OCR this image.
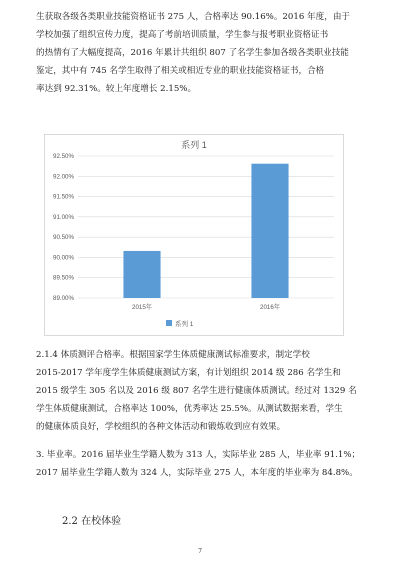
生获取各级各类职业技能资格证书 275 人，合格率达 90.16%。2016 年度，由于
学校加强了组织宣传力度，提高了考前培训质量，学生参与报考职业资格证书
的热情有了大幅度提高，2016 年累计共组织 807 了名学生参加各级各类职业技能
鉴定，其中有 745 名学生取得了相关或相近专业的职业技能资格证书，合格
率达到 92.31%。较上年度增长 2.15%。
系列 1
89.00%
89.50%
90.00%
90.50%
91.00%
91.50%
92.00%
92.50%
2015年	2016年
系列 1
2.1.4 体质测评合格率。根据国家学生体质健康测试标准要求，制定学校
2015-2017 学年度学生体质健康测试方案，有计划组织 2014 级 286 名学生和
2015 级学生 305 名以及 2016 级 807 名学生进行健康体质测试。经过对 1329 名
学生体质健康测试，合格率达 100%，优秀率达 25.5%。从测试数据来看，学生
的健康体质良好，学校组织的各种文体活动和锻炼收到应有效果。
3. 毕业率。2016 届毕业生学籍人数为 313 人，实际毕业 285 人，毕业率 91.1%；
2017 届毕业生学籍人数为 324 人，实际毕业 275 人，本年度的毕业率为 84.8%。
2.2 在校体验
7
